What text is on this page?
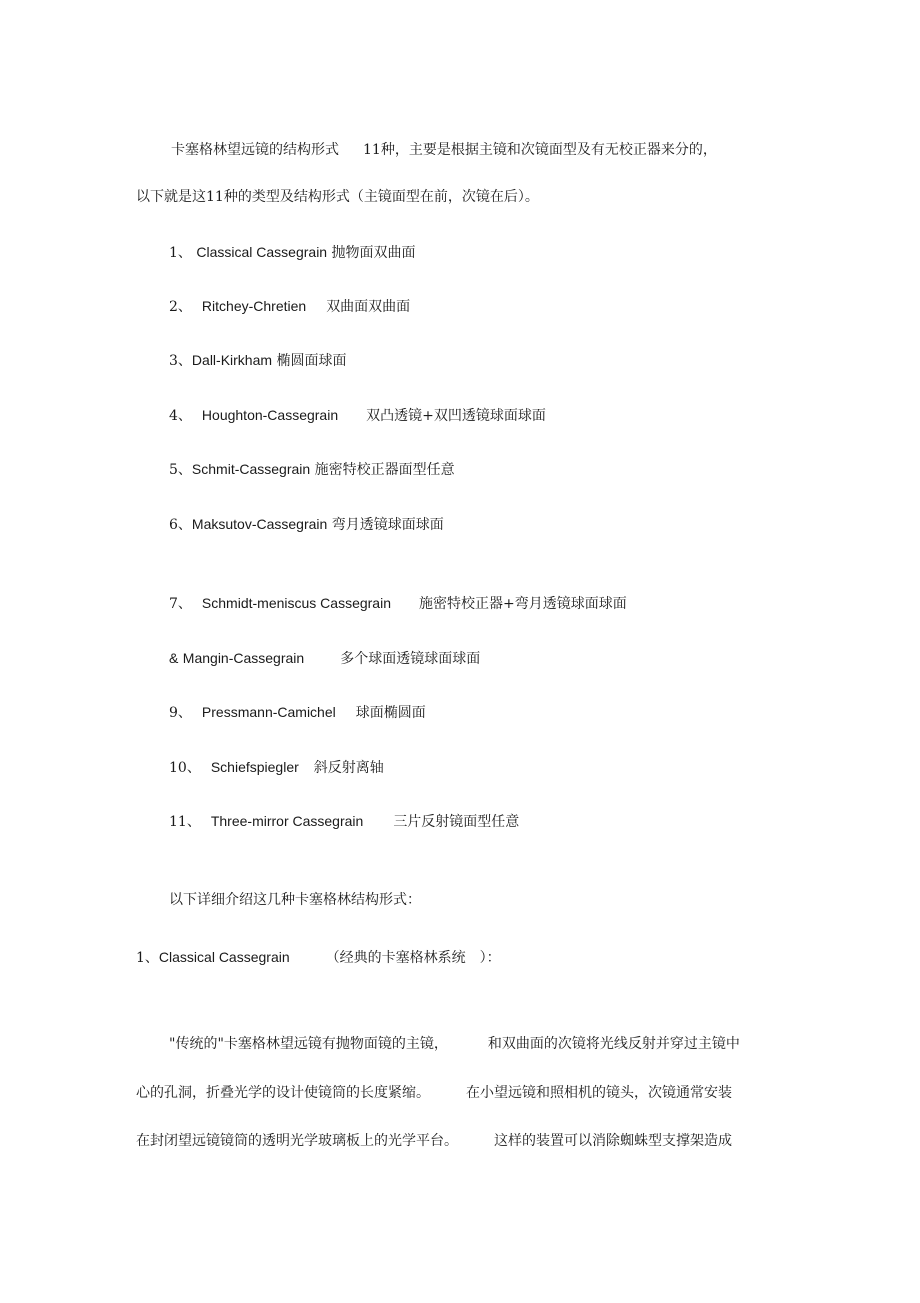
卡塞格林望远镜的结构形式 11种，主要是根据主镜和次镜面型及有无校正器来分的，
以下就是这11种的类型及结构形式（主镜面型在前，次镜在后）。
1、 Classical Cassegrain 抛物面双曲面
2、 Ritchey-Chretien 双曲面双曲面
3、Dall-Kirkham 椭圆面球面
4、 Houghton-Cassegrain 双凸透镜+双凹透镜球面球面
5、Schmit-Cassegrain 施密特校正器面型任意
6、Maksutov-Cassegrain 弯月透镜球面球面
7、 Schmidt-meniscus Cassegrain 施密特校正器+弯月透镜球面球面
& Mangin-Cassegrain	多个球面透镜球面球面
9、 Pressmann-Camichel 球面椭圆面
10、 Schiefspiegler 斜反射离轴
11、 Three-mirror Cassegrain 三片反射镜面型任意
以下详细介绍这几种卡塞格林结构形式：
1、Classical Cassegrain	（经典的卡塞格林系统　）：
"传统的"卡塞格林望远镜有抛物面镜的主镜，	和双曲面的次镜将光线反射并穿过主镜中
心的孔洞，折叠光学的设计使镜筒的长度紧缩。	在小望远镜和照相机的镜头，次镜通常安装
在封闭望远镜镜筒的透明光学玻璃板上的光学平台。	这样的装置可以消除蜘蛛型支撑架造成
